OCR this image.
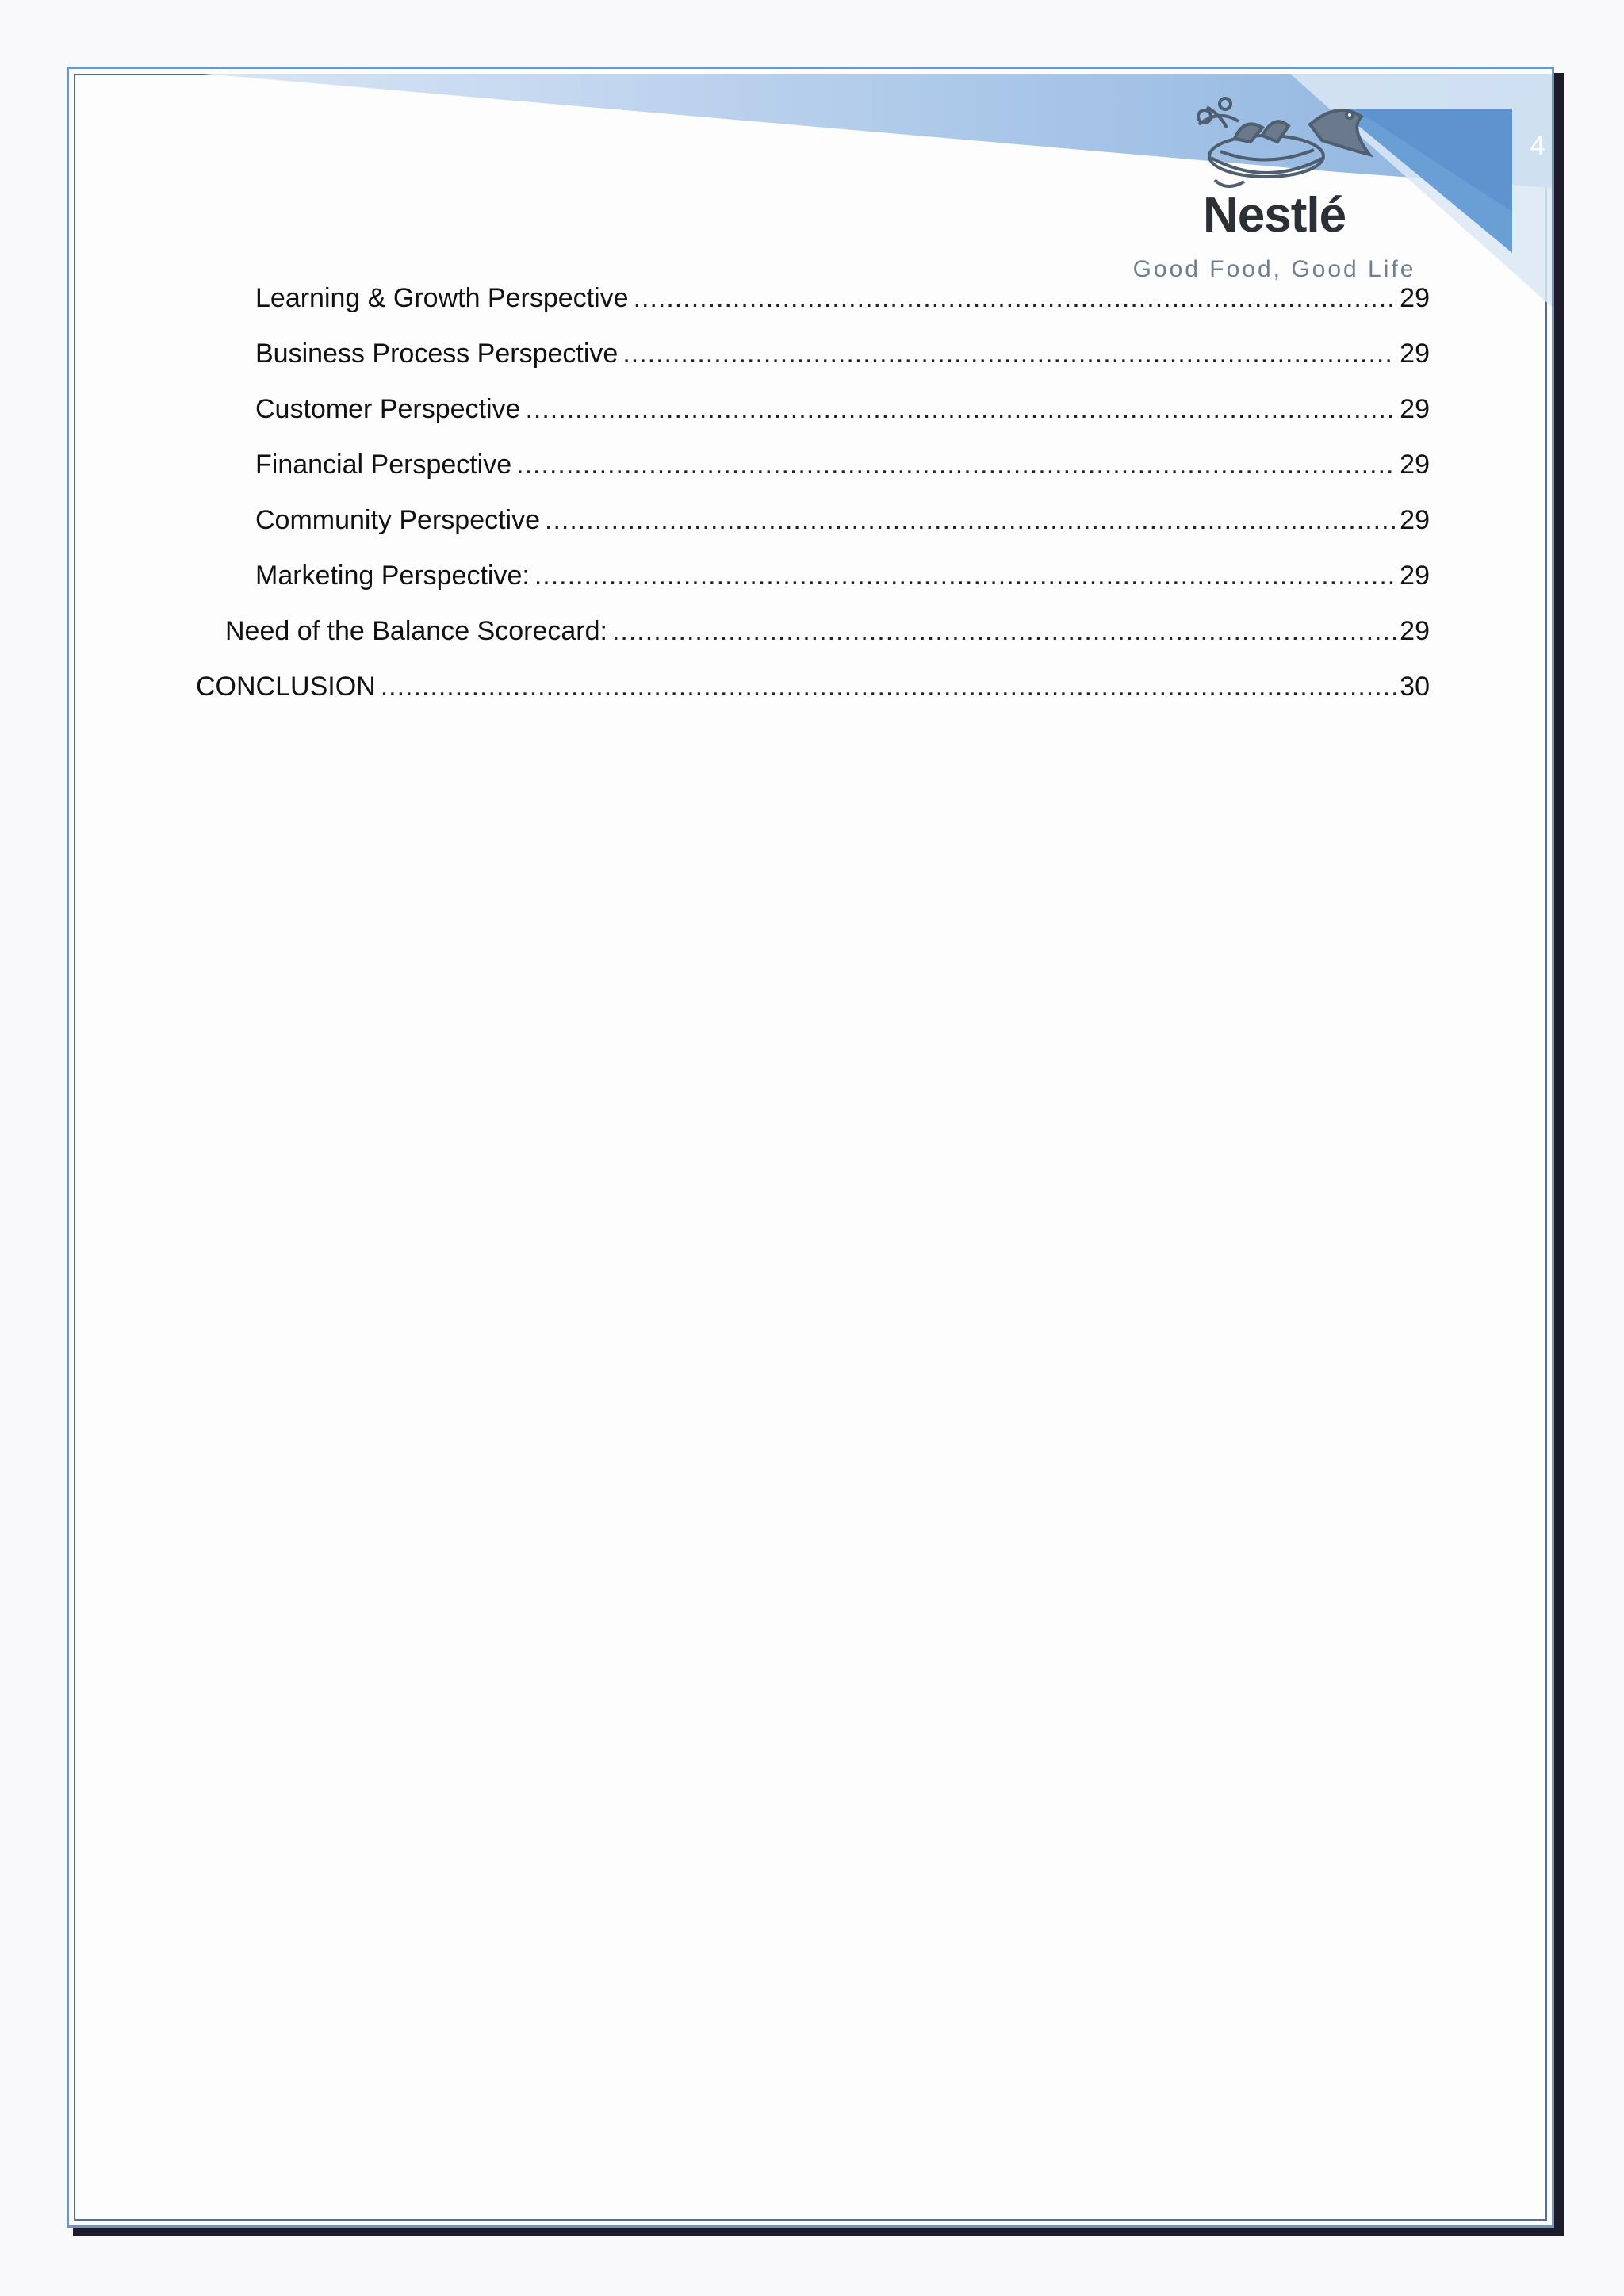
Nestlé
Good Food, Good Life
4
Learning & Growth Perspective .....	29
Business Process Perspective .....	29
Customer Perspective .....	29
Financial Perspective .....	29
Community Perspective .....	29
Marketing Perspective: .....	29
Need of the Balance Scorecard: .....	29
CONCLUSION .....	30
